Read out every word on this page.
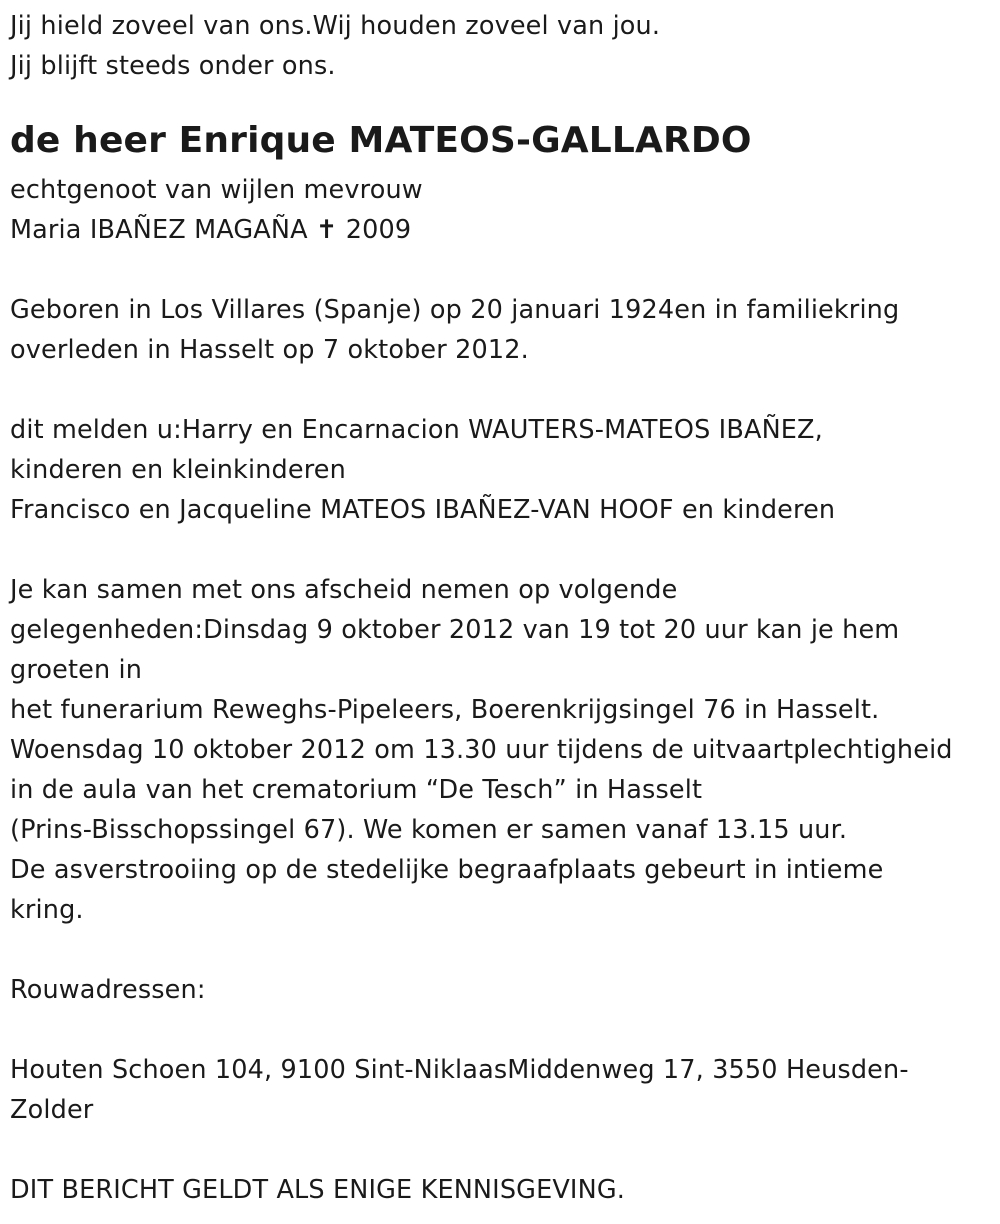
Jij hield zoveel van ons.Wij houden zoveel van jou.
Jij blijft steeds onder ons.
de heer Enrique MATEOS-GALLARDO
echtgenoot van wijlen mevrouw
Maria IBAÑEZ MAGAÑA ✝ 2009
Geboren in Los Villares (Spanje) op 20 januari 1924en in familiekring
overleden in Hasselt op 7 oktober 2012.
dit melden u:Harry en Encarnacion WAUTERS-MATEOS IBAÑEZ,
kinderen en kleinkinderen
Francisco en Jacqueline MATEOS IBAÑEZ-VAN HOOF en kinderen
Je kan samen met ons afscheid nemen op volgende
gelegenheden:Dinsdag 9 oktober 2012 van 19 tot 20 uur kan je hem
groeten in
het funerarium Reweghs-Pipeleers, Boerenkrijgsingel 76 in Hasselt.
Woensdag 10 oktober 2012 om 13.30 uur tijdens de uitvaartplechtigheid
in de aula van het crematorium “De Tesch” in Hasselt
(Prins-Bisschopssingel 67). We komen er samen vanaf 13.15 uur.
De asverstrooiing op de stedelijke begraafplaats gebeurt in intieme
kring.
Rouwadressen:
Houten Schoen 104, 9100 Sint-NiklaasMiddenweg 17, 3550 Heusden-
Zolder
DIT BERICHT GELDT ALS ENIGE KENNISGEVING.
